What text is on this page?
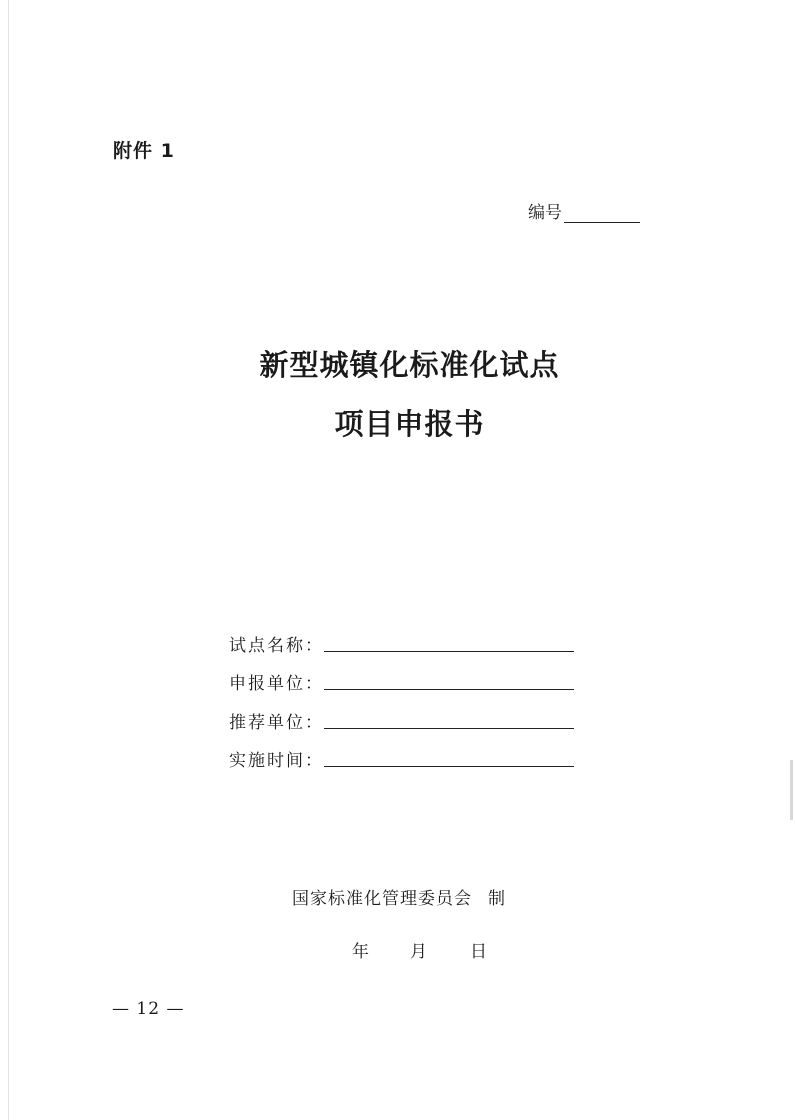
附件 1
编号
新型城镇化标准化试点
项目申报书
试点名称：
申报单位：
推荐单位：
实施时间：
国家标准化管理委员会 制
年 月	日
— 12 —
